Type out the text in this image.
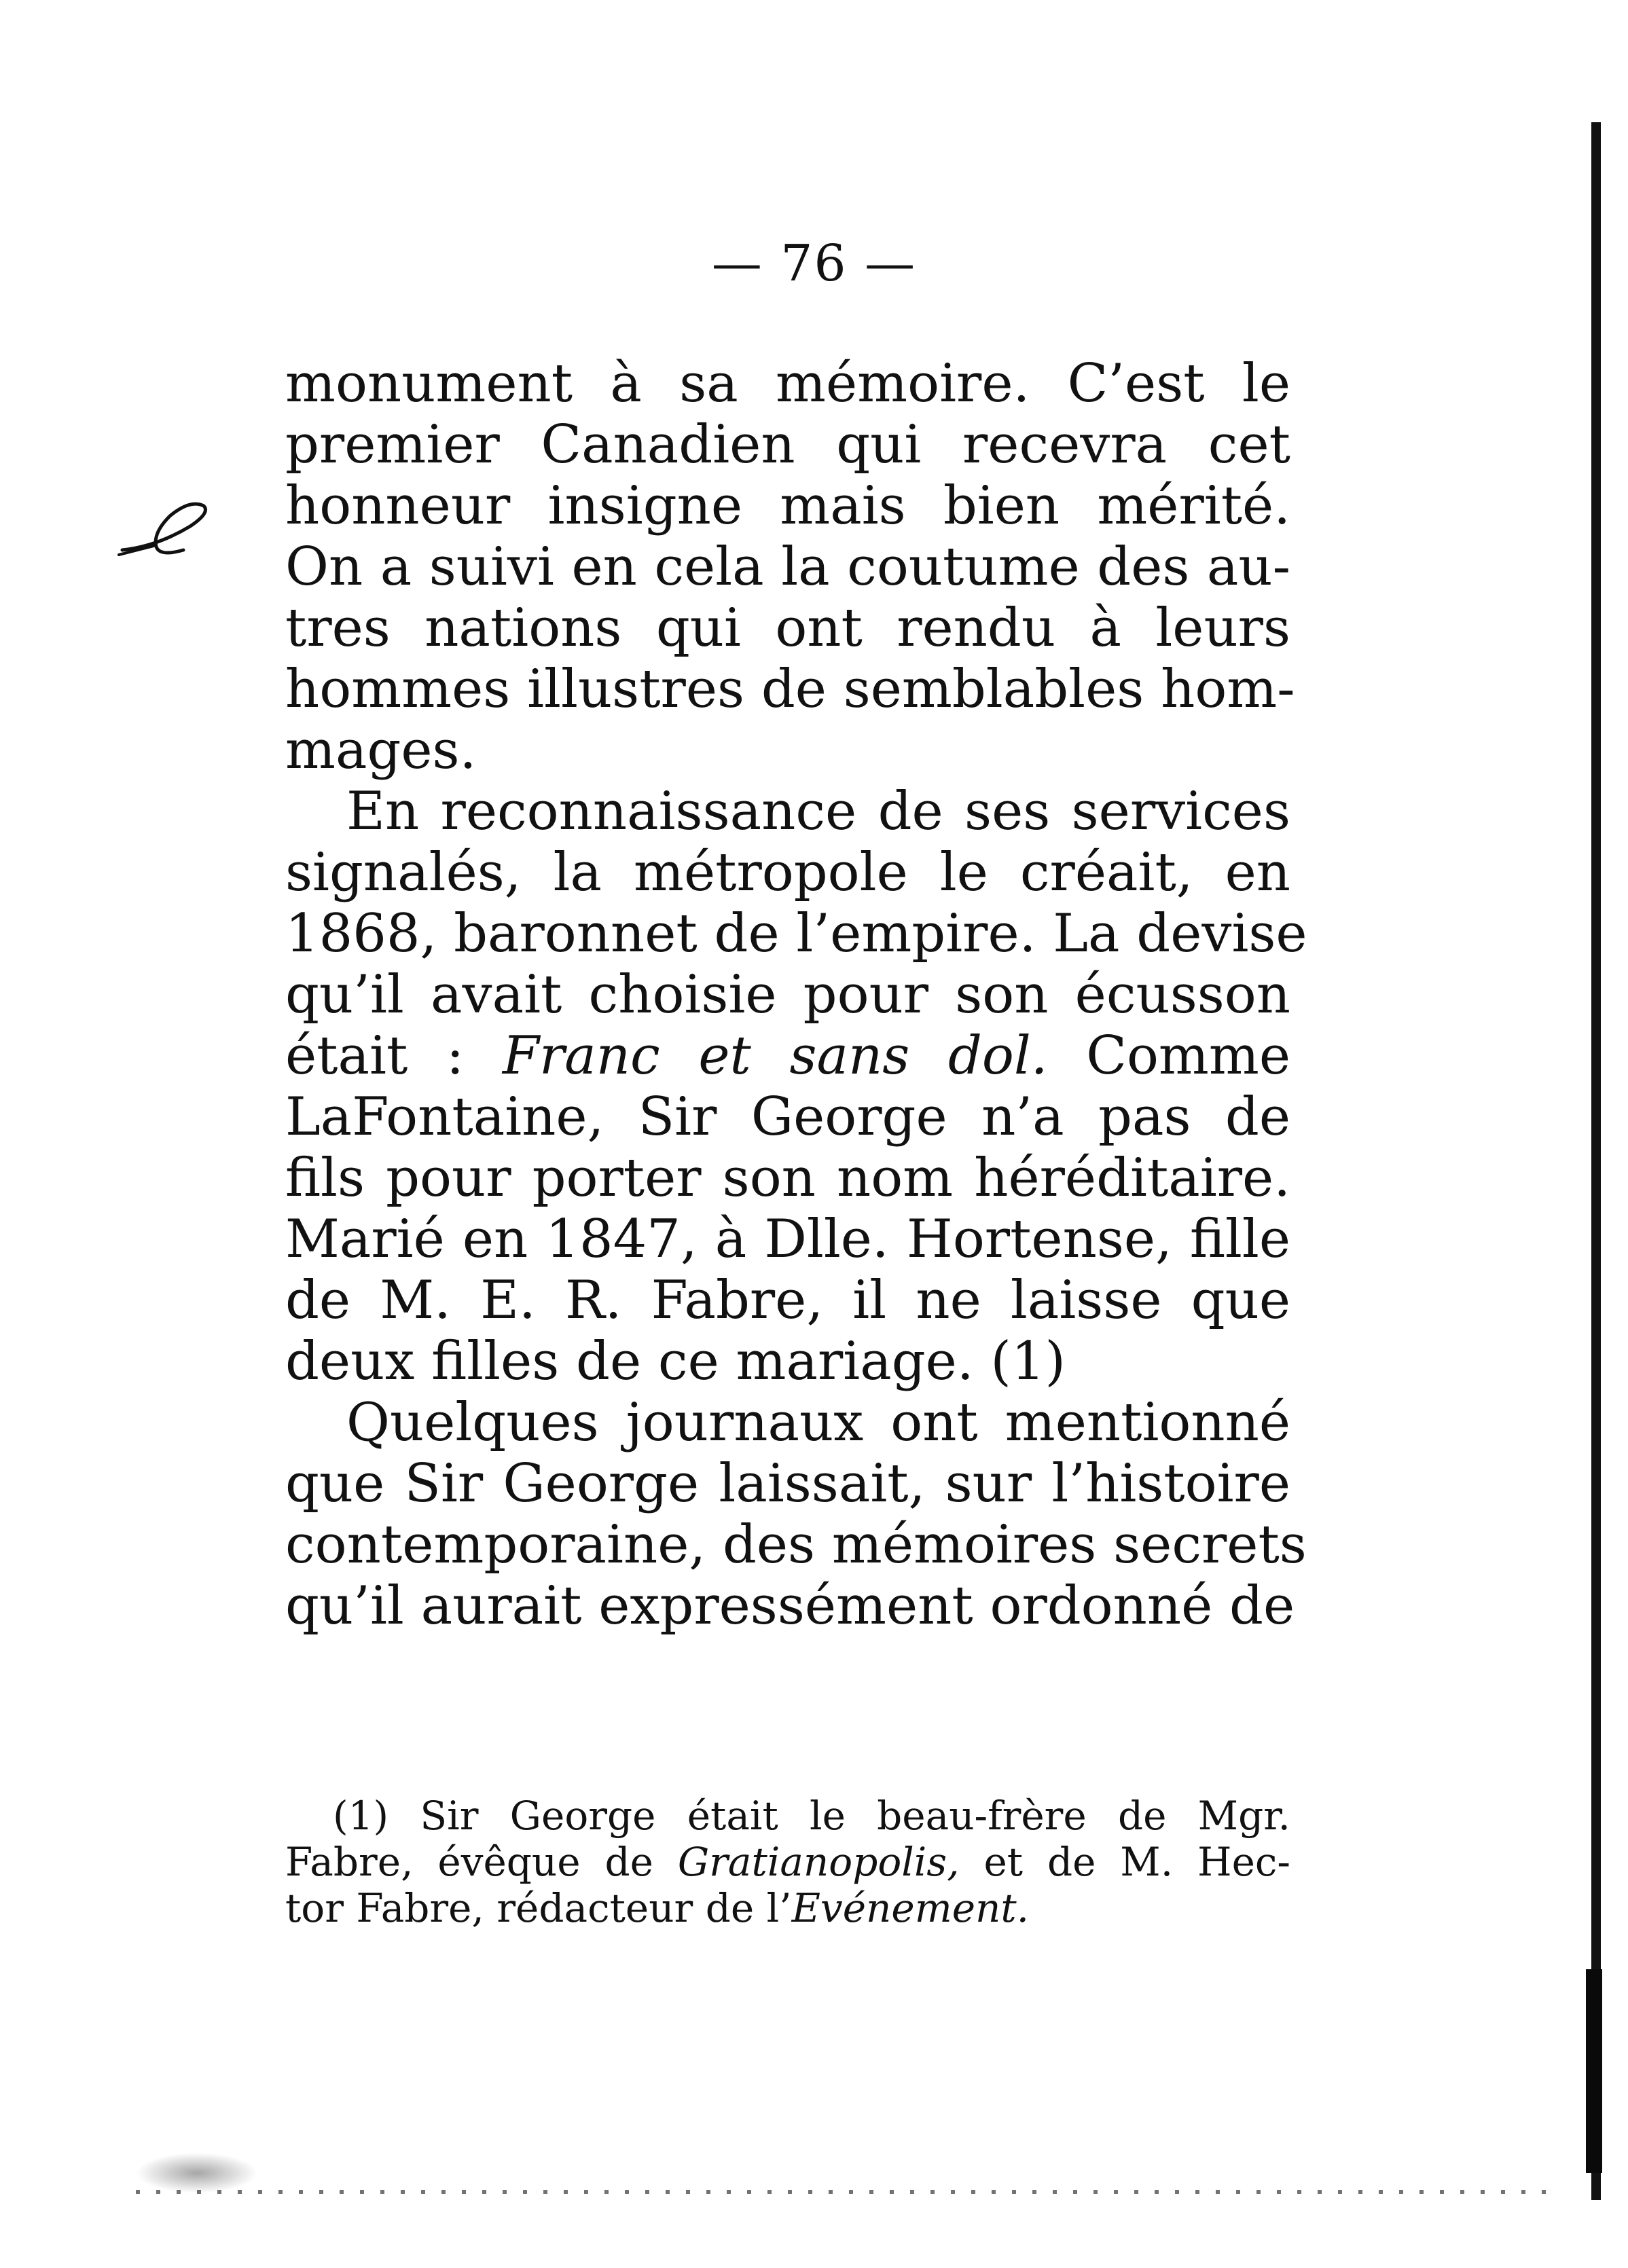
— 76 —
monument à sa mémoire. C’est le
premier Canadien qui recevra cet
honneur insigne mais bien mérité.
On a suivi en cela la coutume des au-
tres nations qui ont rendu à leurs
hommes illustres de semblables hom-
mages.
En reconnaissance de ses services
signalés, la métropole le créait, en
1868, baronnet de l’empire. La devise
qu’il avait choisie pour son écusson
était : Franc et sans dol. Comme
LaFontaine, Sir George n’a pas de
fils pour porter son nom héréditaire.
Marié en 1847, à Dlle. Hortense, fille
de M. E. R. Fabre, il ne laisse que
deux filles de ce mariage. (1)
Quelques journaux ont mentionné
que Sir George laissait, sur l’histoire
contemporaine, des mémoires secrets
qu’il aurait expressément ordonné de
(1) Sir George était le beau-frère de Mgr.
Fabre, évêque de Gratianopolis, et de M. Hec-
tor Fabre, rédacteur de l’Evénement.
